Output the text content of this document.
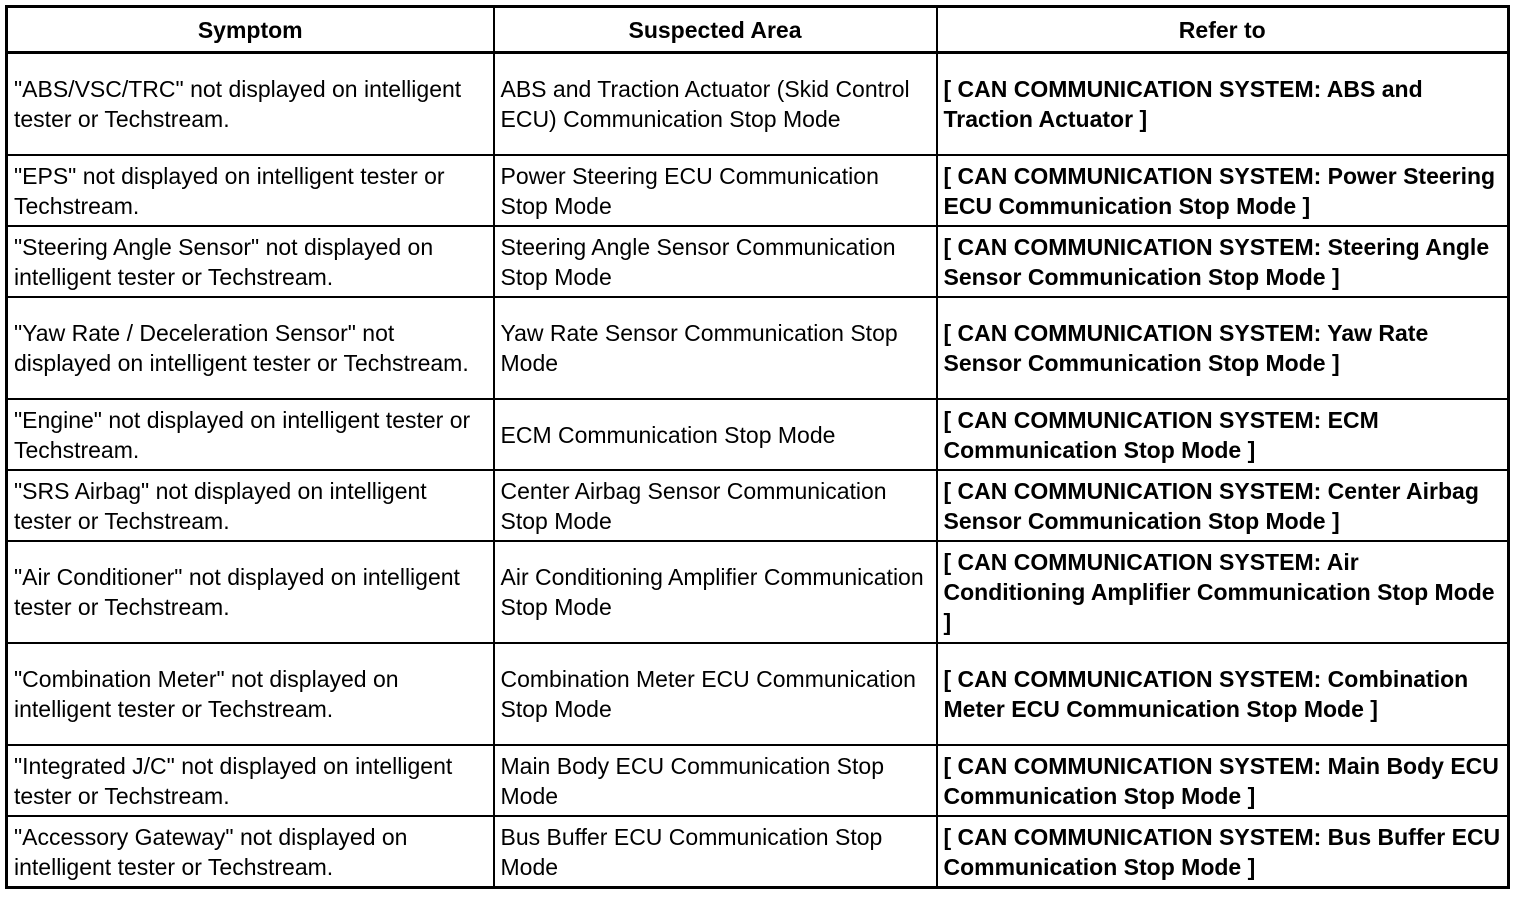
Symptom	Suspected Area	Refer to
"ABS/VSC/TRC" not displayed on intelligent tester or Techstream.	ABS and Traction Actuator (Skid Control ECU) Communication Stop Mode	[ CAN COMMUNICATION SYSTEM: ABS and Traction Actuator ]
"EPS" not displayed on intelligent tester or Techstream.	Power Steering ECU Communication Stop Mode	[ CAN COMMUNICATION SYSTEM: Power Steering ECU Communication Stop Mode ]
"Steering Angle Sensor" not displayed on intelligent tester or Techstream.	Steering Angle Sensor Communication Stop Mode	[ CAN COMMUNICATION SYSTEM: Steering Angle Sensor Communication Stop Mode ]
"Yaw Rate / Deceleration Sensor" not displayed on intelligent tester or Techstream.	Yaw Rate Sensor Communication Stop Mode	[ CAN COMMUNICATION SYSTEM: Yaw Rate Sensor Communication Stop Mode ]
"Engine" not displayed on intelligent tester or Techstream.	ECM Communication Stop Mode	[ CAN COMMUNICATION SYSTEM: ECM Communication Stop Mode ]
"SRS Airbag" not displayed on intelligent tester or Techstream.	Center Airbag Sensor Communication Stop Mode	[ CAN COMMUNICATION SYSTEM: Center Airbag Sensor Communication Stop Mode ]
"Air Conditioner" not displayed on intelligent tester or Techstream.	Air Conditioning Amplifier Communication Stop Mode	[ CAN COMMUNICATION SYSTEM: Air Conditioning Amplifier Communication Stop Mode ]
"Combination Meter" not displayed on intelligent tester or Techstream.	Combination Meter ECU Communication Stop Mode	[ CAN COMMUNICATION SYSTEM: Combination Meter ECU Communication Stop Mode ]
"Integrated J/C" not displayed on intelligent tester or Techstream.	Main Body ECU Communication Stop Mode	[ CAN COMMUNICATION SYSTEM: Main Body ECU Communication Stop Mode ]
"Accessory Gateway" not displayed on intelligent tester or Techstream.	Bus Buffer ECU Communication Stop Mode	[ CAN COMMUNICATION SYSTEM: Bus Buffer ECU Communication Stop Mode ]
